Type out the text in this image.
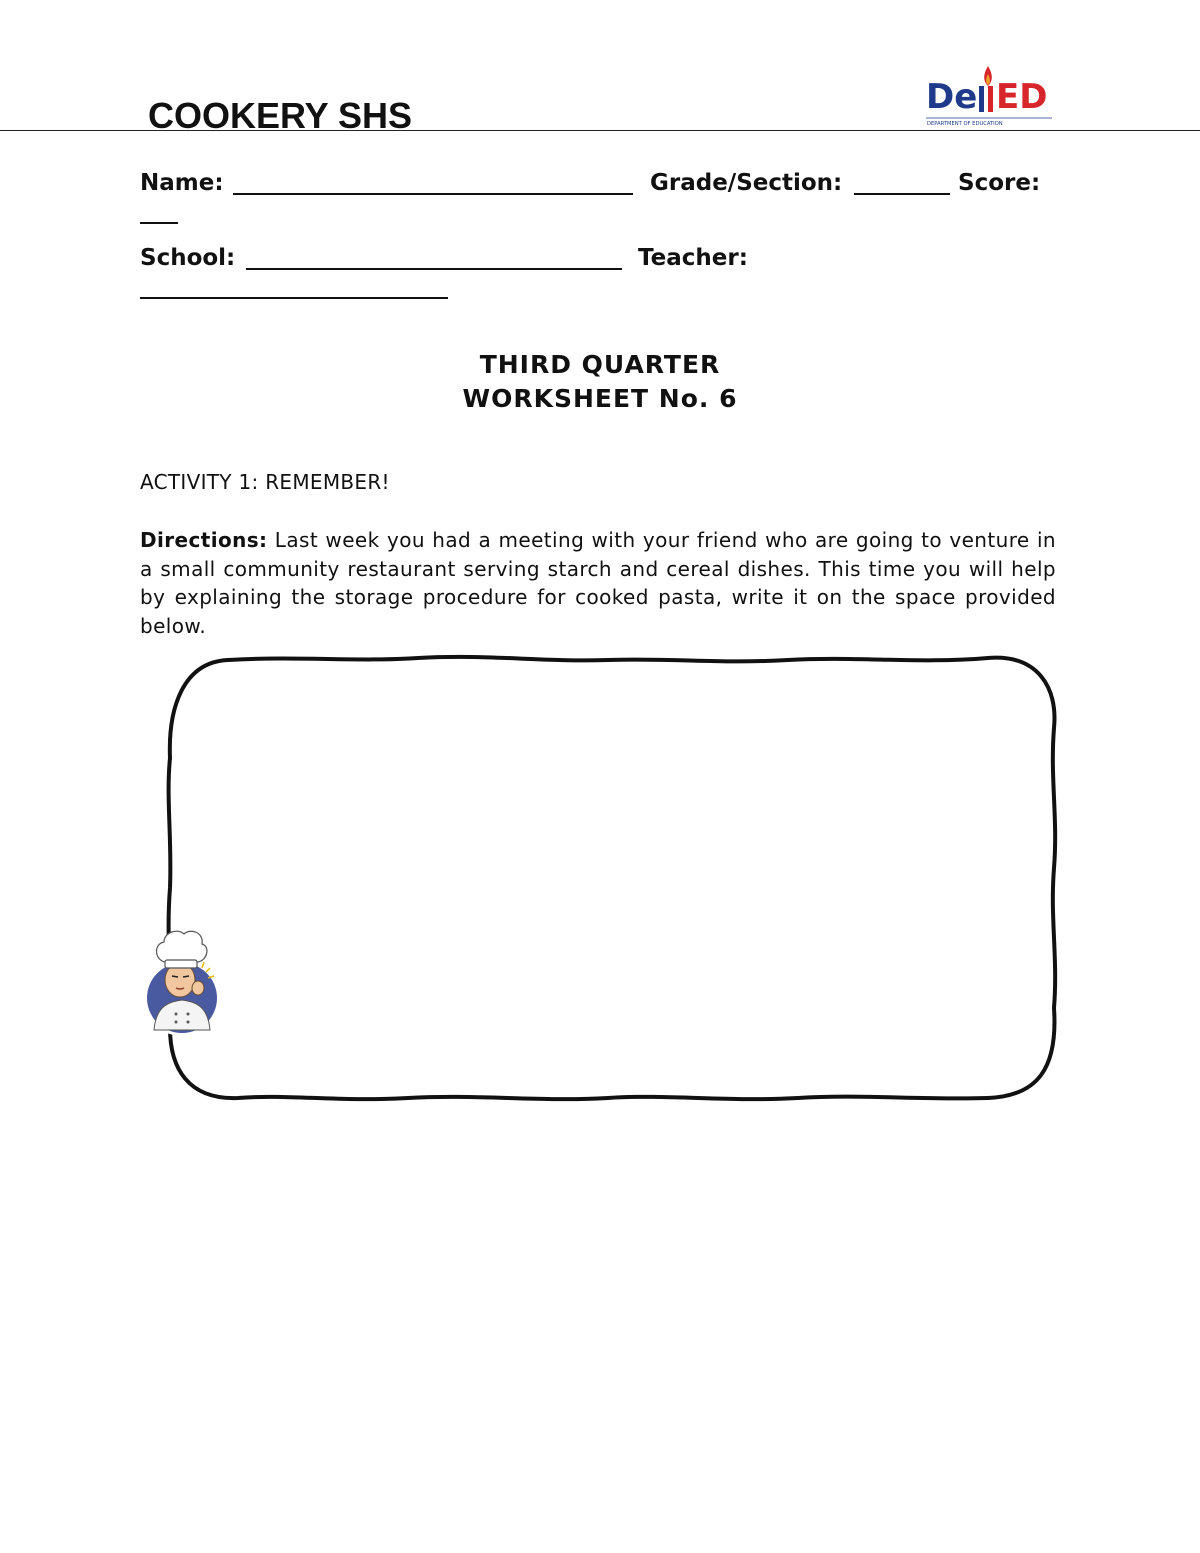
COOKERY SHS	De ED
DEPARTMENT OF EDUCATION
Name:	Grade/Section:	Score:
School:	Teacher:
THIRD QUARTER
WORKSHEET No. 6
ACTIVITY 1: REMEMBER!
Directions: Last week you had a meeting with your friend who are going to venture in a small community restaurant serving starch and cereal dishes. This time you will help by explaining the storage procedure for cooked pasta, write it on the space provided below.
